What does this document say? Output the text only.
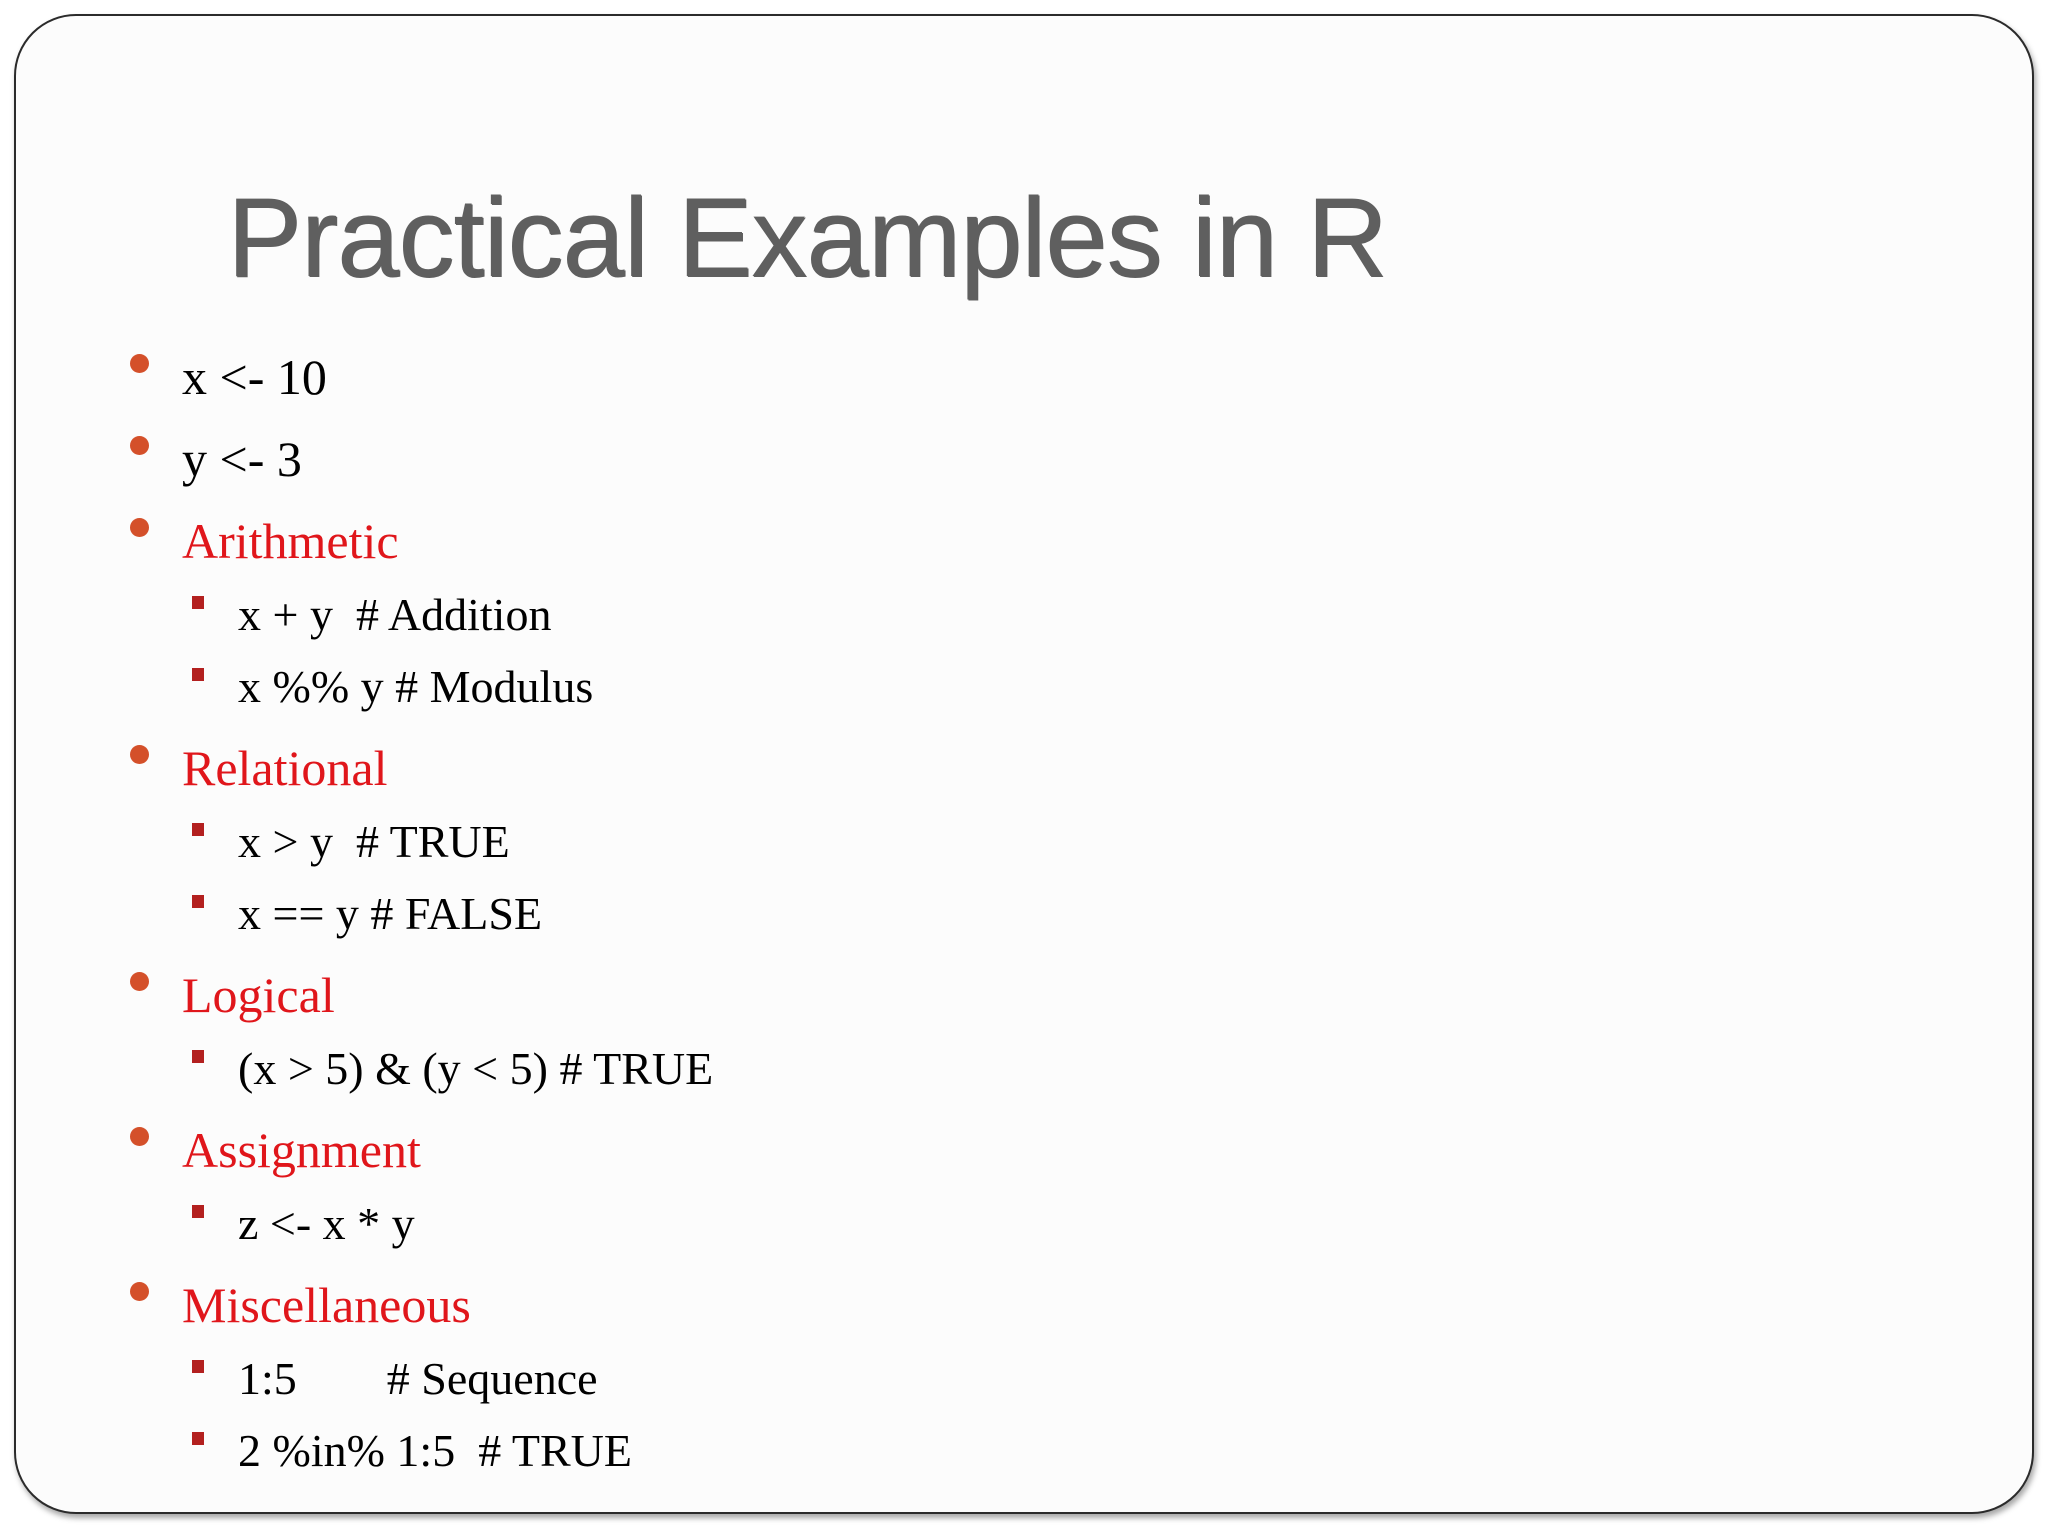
Practical Examples in R
x <- 10
y <- 3
Arithmetic
x + y  # Addition
x %% y # Modulus
Relational
x > y  # TRUE
x == y # FALSE
Logical
(x > 5) & (y < 5) # TRUE
Assignment
z <- x * y
Miscellaneous
1:5 # Sequence
2 %in% 1:5  # TRUE
